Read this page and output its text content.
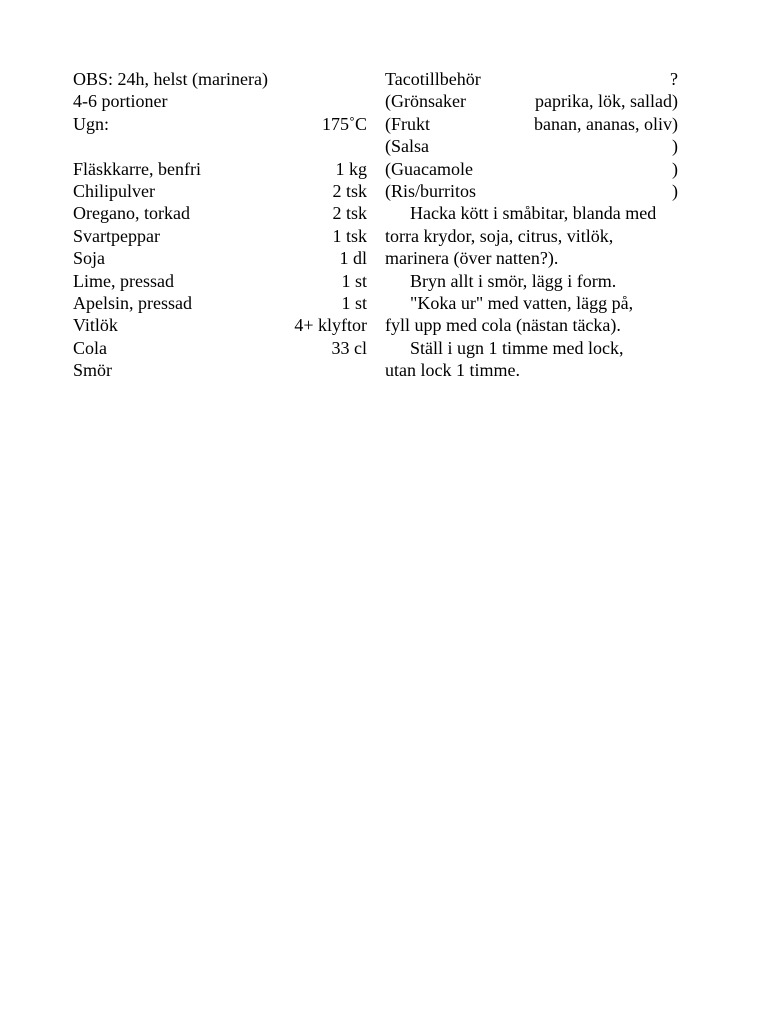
OBS: 24h, helst (marinera)
4-6 portioner
Ugn:	175˚C
Fläskkarre, benfri	1 kg
Chilipulver	2 tsk
Oregano, torkad	2 tsk
Svartpeppar	1 tsk
Soja	1 dl
Lime, pressad	1 st
Apelsin, pressad	1 st
Vitlök	4+ klyftor
Cola	33 cl
Smör
Tacotillbehör	?
(Grönsaker	paprika, lök, sallad)
(Frukt	banan, ananas, oliv)
(Salsa	)
(Guacamole	)
(Ris/burritos	)
Hacka kött i småbitar, blanda med
torra krydor, soja, citrus, vitlök,
marinera (över natten?).
Bryn allt i smör, lägg i form.
"Koka ur" med vatten, lägg på,
fyll upp med cola (nästan täcka).
Ställ i ugn 1 timme med lock,
utan lock 1 timme.
